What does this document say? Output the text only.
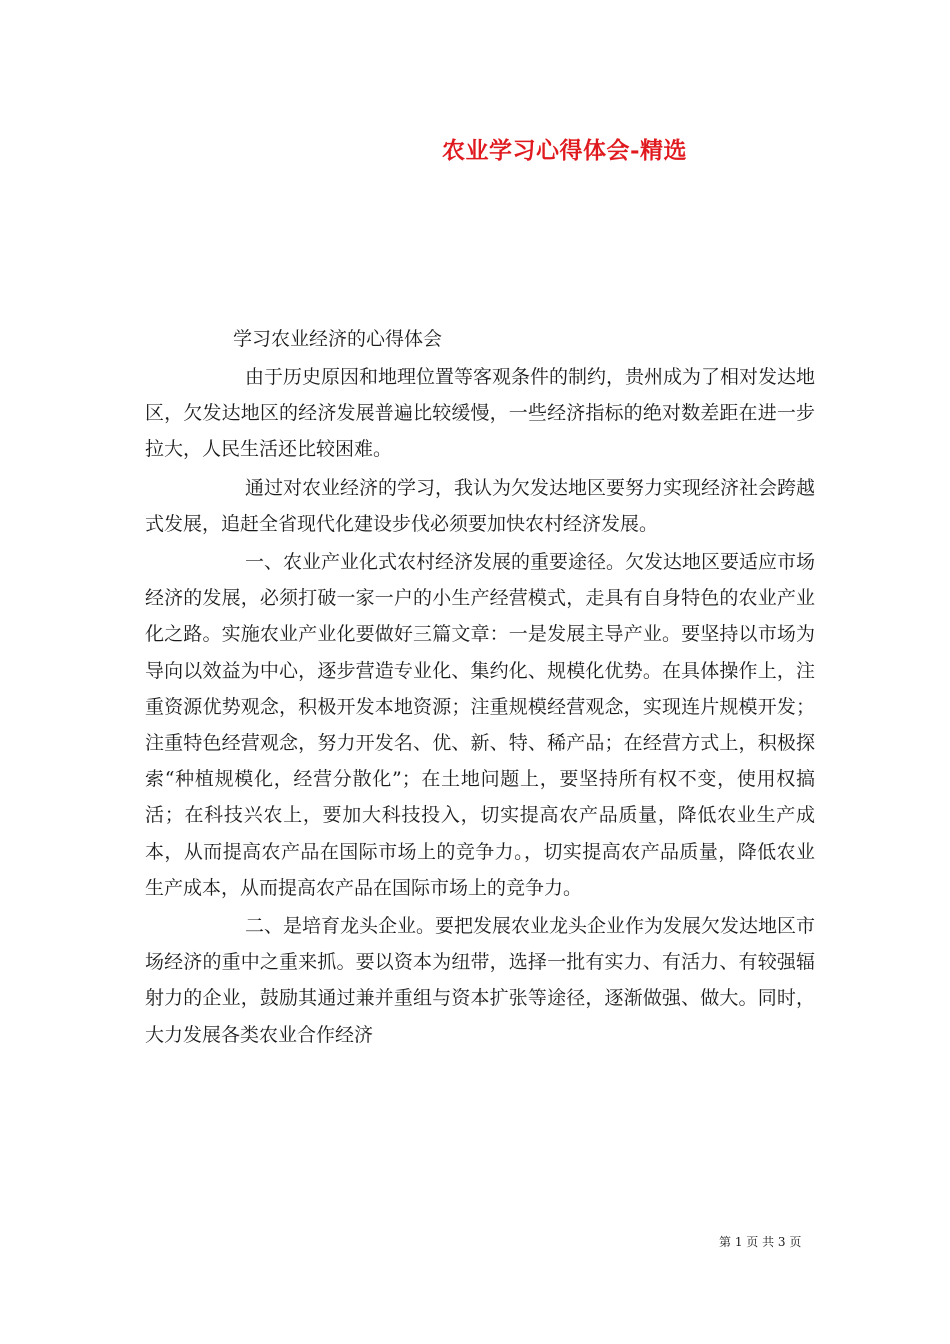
农业学习心得体会-精选
学习农业经济的心得体会

由于历史原因和地理位置等客观条件的制约，贵州成为了相对发达地区，欠发达地区的经济发展普遍比较缓慢，一些经济指标的绝对数差距在进一步拉大，人民生活还比较困难。

通过对农业经济的学习，我认为欠发达地区要努力实现经济社会跨越式发展，追赶全省现代化建设步伐必须要加快农村经济发展。

一、农业产业化式农村经济发展的重要途径。欠发达地区要适应市场经济的发展，必须打破一家一户的小生产经营模式，走具有自身特色的农业产业化之路。实施农业产业化要做好三篇文章：一是发展主导产业。要坚持以市场为导向以效益为中心，逐步营造专业化、集约化、规模化优势。在具体操作上，注重资源优势观念，积极开发本地资源；注重规模经营观念，实现连片规模开发；注重特色经营观念，努力开发名、优、新、特、稀产品；在经营方式上，积极探索“种植规模化，经营分散化”；在土地问题上，要坚持所有权不变，使用权搞活；在科技兴农上，要加大科技投入，切实提高农产品质量，降低农业生产成本，从而提高农产品在国际市场上的竞争力。，切实提高农产品质量，降低农业生产成本，从而提高农产品在国际市场上的竞争力。

二、是培育龙头企业。要把发展农业龙头企业作为发展欠发达地区市场经济的重中之重来抓。要以资本为纽带，选择一批有实力、有活力、有较强辐射力的企业，鼓励其通过兼并重组与资本扩张等途径，逐渐做强、做大。同时，大力发展各类农业合作经济

第 1 页 共 3 页
